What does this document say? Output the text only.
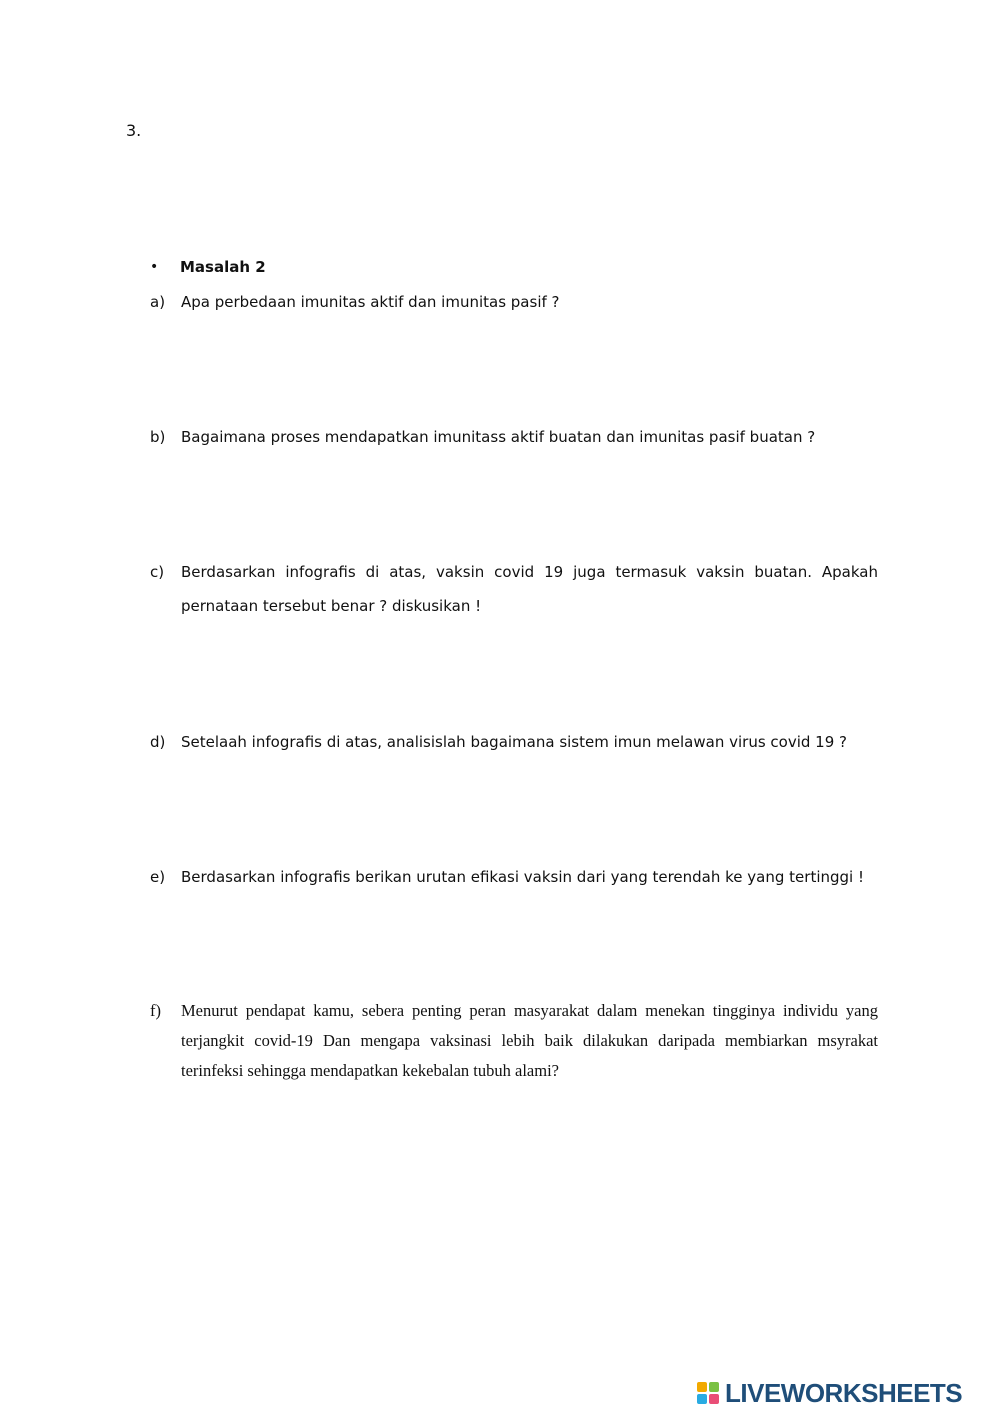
3.
•	Masalah 2
a) Apa perbedaan imunitas aktif dan imunitas pasif ?
b) Bagaimana proses mendapatkan imunitass aktif buatan dan imunitas pasif buatan ?
c) Berdasarkan infografis di atas, vaksin covid 19 juga termasuk vaksin buatan. Apakah pernataan tersebut benar ? diskusikan !
d) Setelaah infografis di atas, analisislah bagaimana sistem imun melawan virus covid 19 ?
e) Berdasarkan infografis berikan urutan efikasi vaksin dari yang terendah ke yang tertinggi !
f) Menurut pendapat kamu, sebera penting peran masyarakat dalam menekan tingginya individu yang terjangkit covid-19 Dan mengapa vaksinasi lebih baik dilakukan daripada membiarkan msyrakat terinfeksi sehingga mendapatkan kekebalan tubuh alami?
LIVEWORKSHEETS
